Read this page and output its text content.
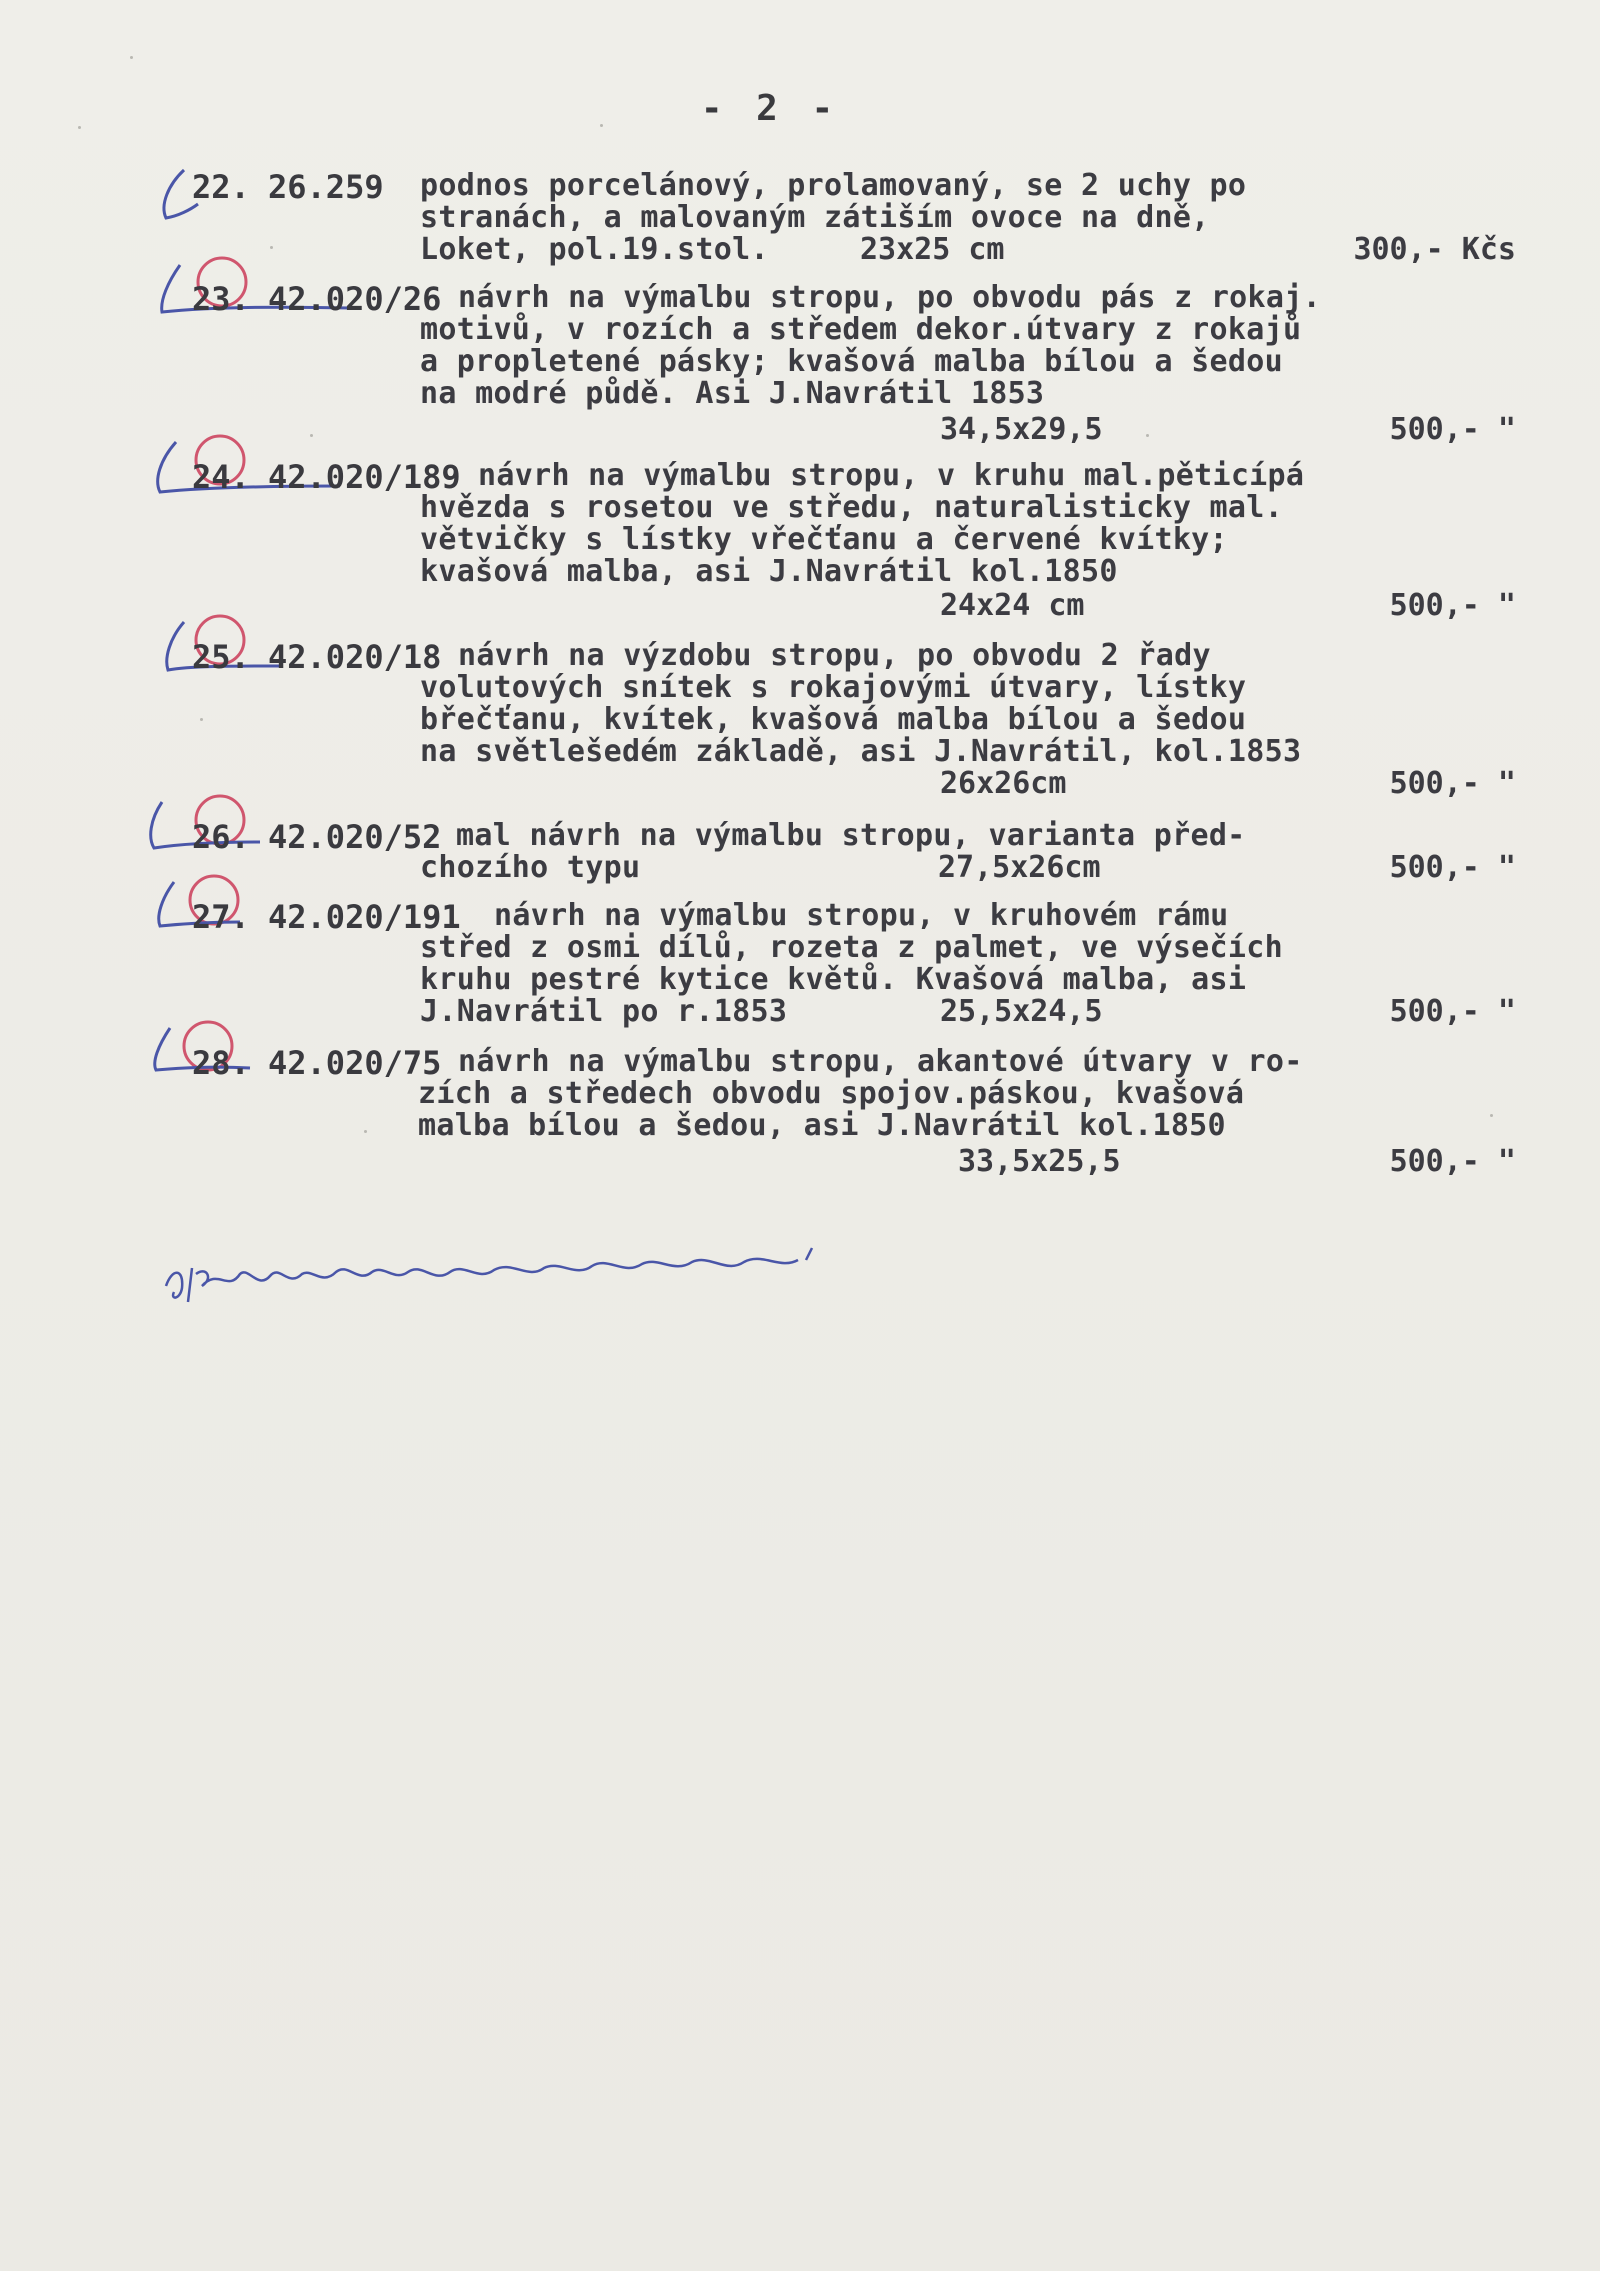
- 2 -
22. 26.259 podnos porcelánový, prolamovaný, se 2 uchy po
stranách, a malovaným zátiším ovoce na dně,
Loket, pol.19.stol.	23x25 cm	300,- Kčs
23. 42.020/26 návrh na výmalbu stropu, po obvodu pás z rokaj.
motivů, v rozích a středem dekor.útvary z rokajů
a propletené pásky; kvašová malba bílou a šedou
na modré půdě. Asi J.Navrátil 1853
34,5x29,5	500,- "
24. 42.020/189 návrh na výmalbu stropu, v kruhu mal.pěticípá
hvězda s rosetou ve středu, naturalisticky mal.
větvičky s lístky vřečťanu a červené kvítky;
kvašová malba, asi J.Navrátil kol.1850
24x24 cm	500,- "
25. 42.020/18 návrh na výzdobu stropu, po obvodu 2 řady
volutových snítek s rokajovými útvary, lístky
břečťanu, kvítek, kvašová malba bílou a šedou
na světlešedém základě, asi J.Navrátil, kol.1853
26x26cm	500,- "
26. 42.020/52 mal návrh na výmalbu stropu, varianta před-
chozího typu	27,5x26cm	500,- "
27. 42.020/191 návrh na výmalbu stropu, v kruhovém rámu
střed z osmi dílů, rozeta z palmet, ve výsečích
kruhu pestré kytice květů. Kvašová malba, asi
J.Navrátil po r.1853	25,5x24,5	500,- "
28. 42.020/75 návrh na výmalbu stropu, akantové útvary v ro-
zích a středech obvodu spojov.páskou, kvašová
malba bílou a šedou, asi J.Navrátil kol.1850
33,5x25,5	500,- "
